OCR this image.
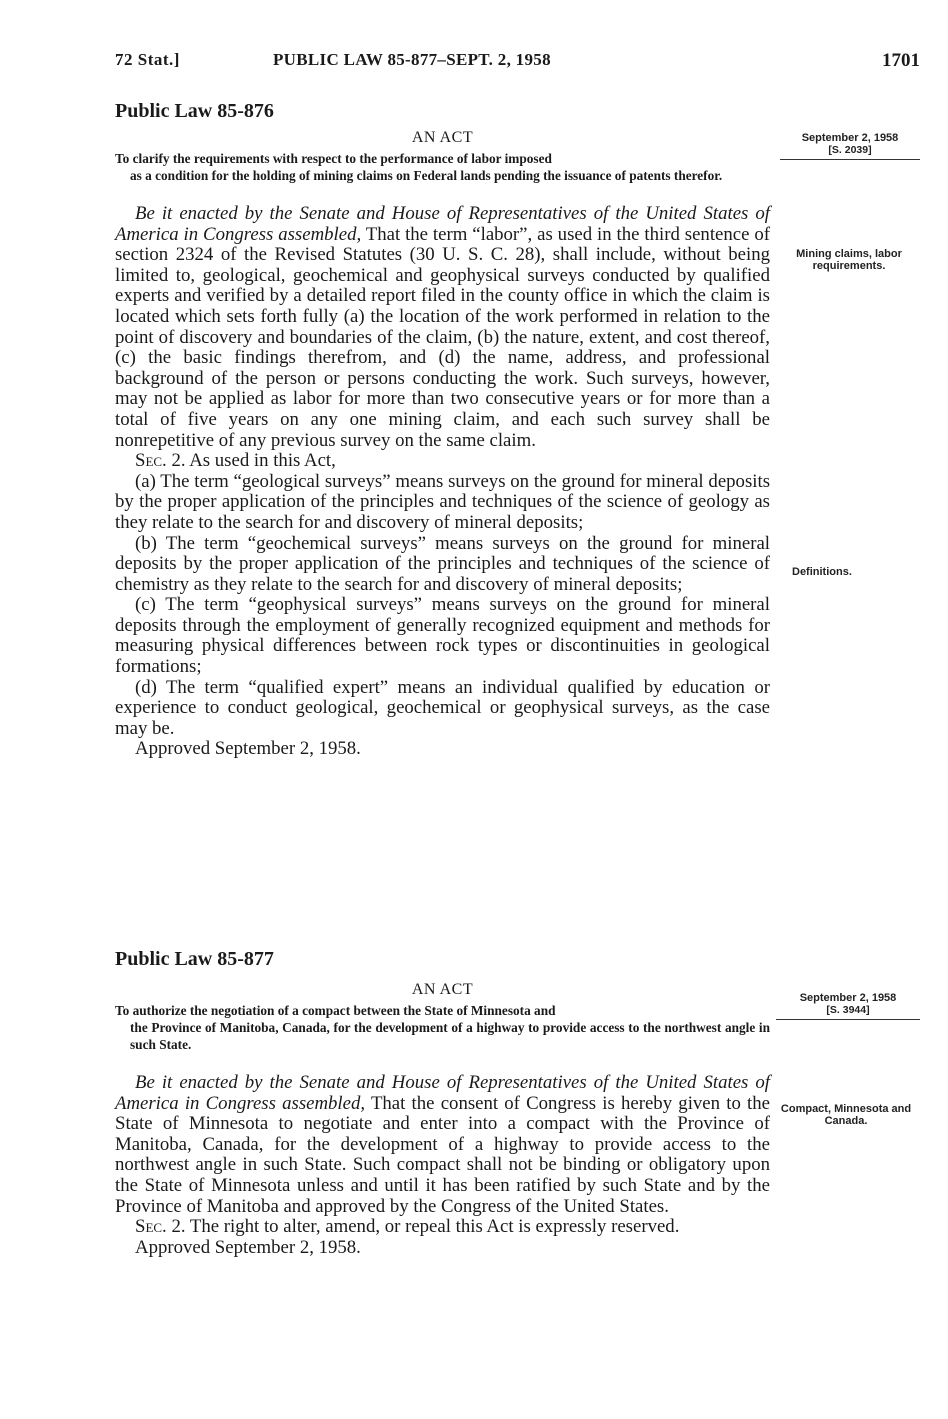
72 Stat.]	PUBLIC LAW 85-877–SEPT. 2, 1958	1701
Public Law 85-876

AN ACT

To clarify the requirements with respect to the performance of labor imposed
as a condition for the holding of mining claims on Federal lands pending the issuance of patents therefor.

Be it enacted by the Senate and House of Representatives of the United States of America in Congress assembled, That the term “labor”, as used in the third sentence of section 2324 of the Revised Statutes (30 U. S. C. 28), shall include, without being limited to, geological, geochemical and geophysical surveys conducted by qualified experts and verified by a detailed report filed in the county office in which the claim is located which sets forth fully (a) the location of the work performed in relation to the point of discovery and boundaries of the claim, (b) the nature, extent, and cost thereof, (c) the basic findings therefrom, and (d) the name, address, and professional background of the person or persons conducting the work. Such surveys, however, may not be applied as labor for more than two consecutive years or for more than a total of five years on any one mining claim, and each such survey shall be nonrepetitive of any previous survey on the same claim.

Sec. 2. As used in this Act,

(a) The term “geological surveys” means surveys on the ground for mineral deposits by the proper application of the principles and techniques of the science of geology as they relate to the search for and discovery of mineral deposits;

(b) The term “geochemical surveys” means surveys on the ground for mineral deposits by the proper application of the principles and techniques of the science of chemistry as they relate to the search for and discovery of mineral deposits;

(c) The term “geophysical surveys” means surveys on the ground for mineral deposits through the employment of generally recognized equipment and methods for measuring physical differences between rock types or discontinuities in geological formations;

(d) The term “qualified expert” means an individual qualified by education or experience to conduct geological, geochemical or geophysical surveys, as the case may be.

Approved September 2, 1958.

September 2, 1958
[S. 2039]
Mining claims, labor requirements.
Definitions.
Public Law 85-877

AN ACT

To authorize the negotiation of a compact between the State of Minnesota and
the Province of Manitoba, Canada, for the development of a highway to provide access to the northwest angle in such State.

Be it enacted by the Senate and House of Representatives of the United States of America in Congress assembled, That the consent of Congress is hereby given to the State of Minnesota to negotiate and enter into a compact with the Province of Manitoba, Canada, for the development of a highway to provide access to the northwest angle in such State. Such compact shall not be binding or obligatory upon the State of Minnesota unless and until it has been ratified by such State and by the Province of Manitoba and approved by the Congress of the United States.

Sec. 2. The right to alter, amend, or repeal this Act is expressly reserved.

Approved September 2, 1958.

September 2, 1958
[S. 3944]
Compact, Minnesota and Canada.
